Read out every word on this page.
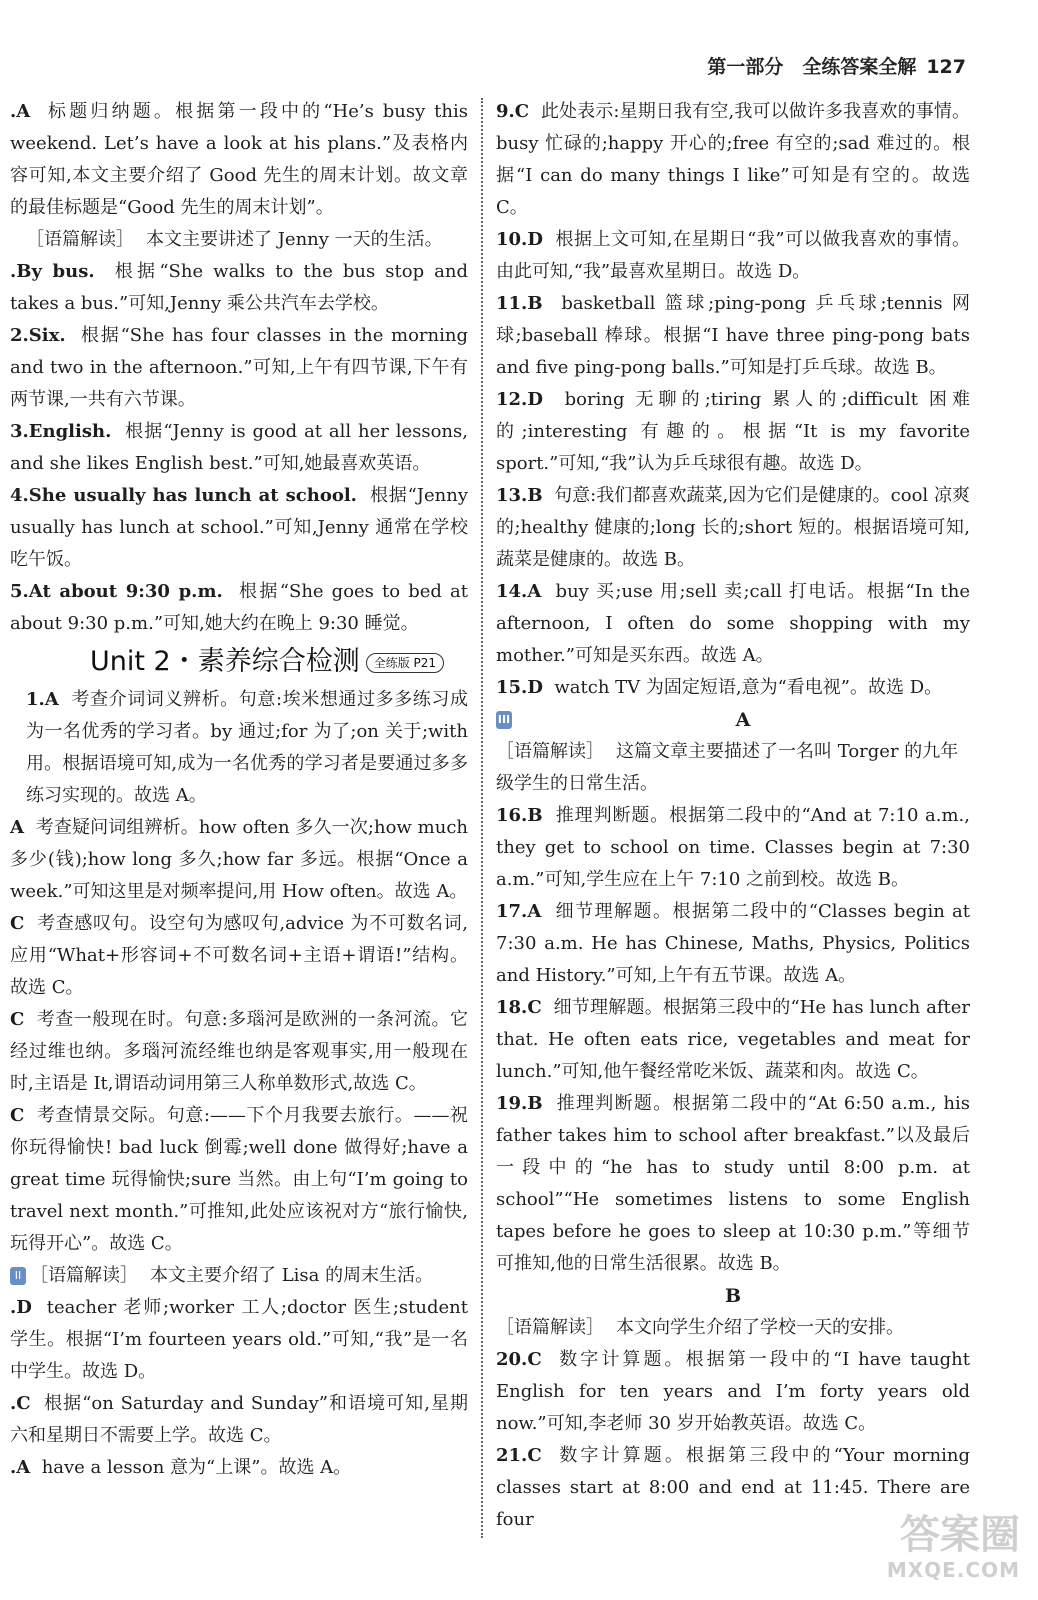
第一部分　全练答案全解 127

.A 标题归纳题。根据第一段中的“He’s busy this weekend. Let’s have a look at his plans.”及表格内容可知,本文主要介绍了 Good 先生的周末计划。故文章的最佳标题是“Good 先生的周末计划”。

［语篇解读］ 本文主要讲述了 Jenny 一天的生活。

.By bus. 根据“She walks to the bus stop and takes a bus.”可知,Jenny 乘公共汽车去学校。

2.Six. 根据“She has four classes in the morning and two in the afternoon.”可知,上午有四节课,下午有两节课,一共有六节课。

3.English. 根据“Jenny is good at all her lessons, and she likes English best.”可知,她最喜欢英语。

4.She usually has lunch at school. 根据“Jenny usually has lunch at school.”可知,Jenny 通常在学校吃午饭。

5.At about 9:30 p.m. 根据“She goes to bed at about 9:30 p.m.”可知,她大约在晚上 9:30 睡觉。

Unit 2・素养综合检测 全练版 P21

1.A 考查介词词义辨析。句意:埃米想通过多多练习成为一名优秀的学习者。by 通过;for 为了;on 关于;with 用。根据语境可知,成为一名优秀的学习者是要通过多多练习实现的。故选 A。

A 考查疑问词组辨析。how often 多久一次;how much 多少(钱);how long 多久;how far 多远。根据“Once a week.”可知这里是对频率提问,用 How often。故选 A。

C 考查感叹句。设空句为感叹句,advice 为不可数名词,应用“What+形容词+不可数名词+主语+谓语!”结构。故选 C。

C 考查一般现在时。句意:多瑙河是欧洲的一条河流。它经过维也纳。多瑙河流经维也纳是客观事实,用一般现在时,主语是 It,谓语动词用第三人称单数形式,故选 C。

C 考查情景交际。句意:——下个月我要去旅行。——祝你玩得愉快! bad luck 倒霉;well done 做得好;have a great time 玩得愉快;sure 当然。由上句“I’m going to travel next month.”可推知,此处应该祝对方“旅行愉快,玩得开心”。故选 C。

II ［语篇解读］ 本文主要介绍了 Lisa 的周末生活。

.D teacher 老师;worker 工人;doctor 医生;student 学生。根据“I’m fourteen years old.”可知,“我”是一名中学生。故选 D。

.C 根据“on Saturday and Sunday”和语境可知,星期六和星期日不需要上学。故选 C。

.A have a lesson 意为“上课”。故选 A。

9.C 此处表示:星期日我有空,我可以做许多我喜欢的事情。busy 忙碌的;happy 开心的;free 有空的;sad 难过的。根据“I can do many things I like”可知是有空的。故选 C。

10.D 根据上文可知,在星期日“我”可以做我喜欢的事情。由此可知,“我”最喜欢星期日。故选 D。

11.B basketball 篮球;ping-pong 乒乓球;tennis 网球;baseball 棒球。根据“I have three ping-pong bats and five ping-pong balls.”可知是打乒乓球。故选 B。

12.D boring 无聊的;tiring 累人的;difficult 困难的;interesting 有趣的。根据“It is my favorite sport.”可知,“我”认为乒乓球很有趣。故选 D。

13.B 句意:我们都喜欢蔬菜,因为它们是健康的。cool 凉爽的;healthy 健康的;long 长的;short 短的。根据语境可知,蔬菜是健康的。故选 B。

14.A buy 买;use 用;sell 卖;call 打电话。根据“In the afternoon, I often do some shopping with my mother.”可知是买东西。故选 A。

15.D watch TV 为固定短语,意为“看电视”。故选 D。

III	A

［语篇解读］ 这篇文章主要描述了一名叫 Torger 的九年级学生的日常生活。

16.B 推理判断题。根据第二段中的“And at 7:10 a.m., they get to school on time. Classes begin at 7:30 a.m.”可知,学生应在上午 7:10 之前到校。故选 B。

17.A 细节理解题。根据第二段中的“Classes begin at 7:30 a.m. He has Chinese, Maths, Physics, Politics and History.”可知,上午有五节课。故选 A。

18.C 细节理解题。根据第三段中的“He has lunch after that. He often eats rice, vegetables and meat for lunch.”可知,他午餐经常吃米饭、蔬菜和肉。故选 C。

19.B 推理判断题。根据第二段中的“At 6:50 a.m., his father takes him to school after breakfast.”以及最后一段中的“he has to study until 8:00 p.m. at school”“He sometimes listens to some English tapes before he goes to sleep at 10:30 p.m.”等细节可推知,他的日常生活很累。故选 B。

B

［语篇解读］ 本文向学生介绍了学校一天的安排。

20.C 数字计算题。根据第一段中的“I have taught English for ten years and I’m forty years old now.”可知,李老师 30 岁开始教英语。故选 C。

21.C 数字计算题。根据第三段中的“Your morning classes start at 8:00 and end at 11:45. There are four	答案圈
MXQE.COM
